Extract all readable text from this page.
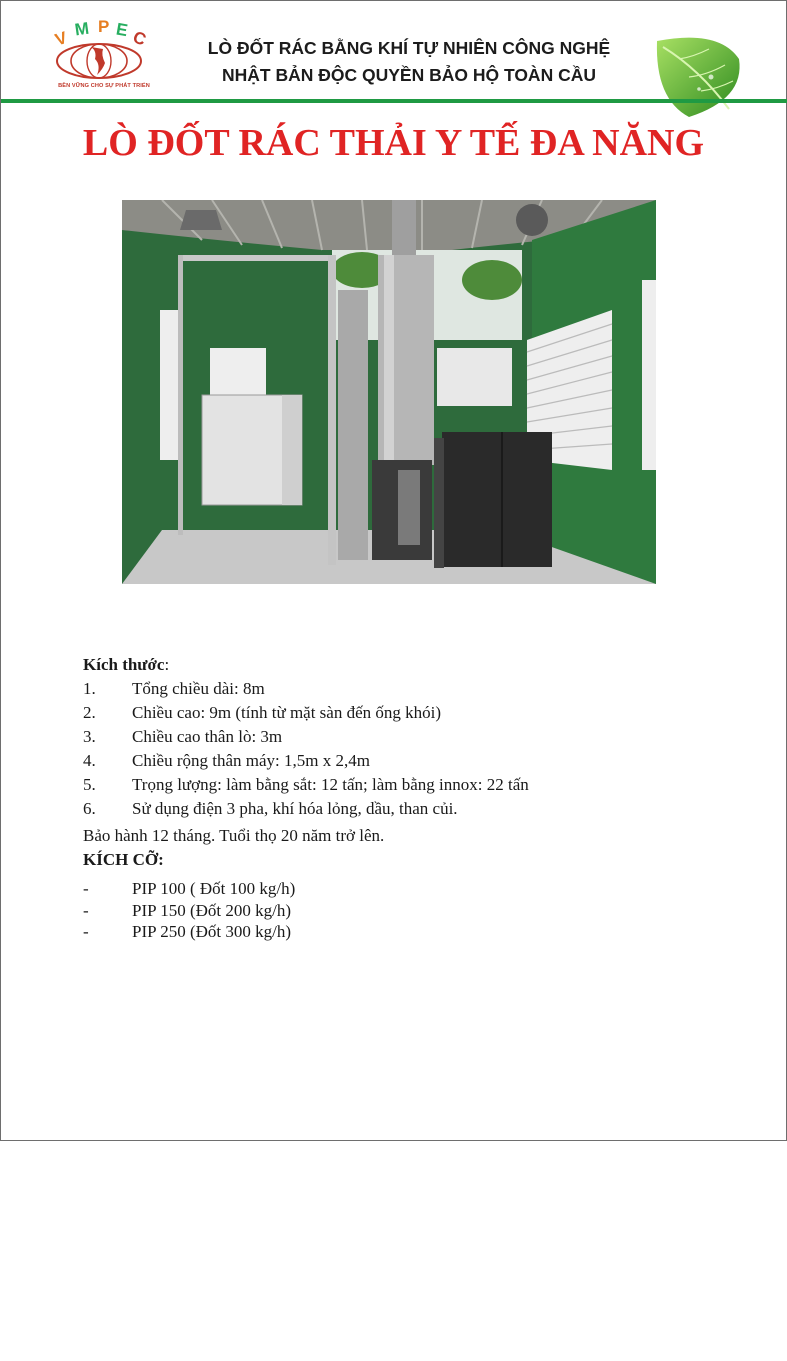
V M P E C
BỀN VỮNG CHO SỰ PHÁT TRIỂN
LÒ ĐỐT RÁC BẰNG KHÍ TỰ NHIÊN CÔNG NGHỆ
NHẬT BẢN ĐỘC QUYỀN BẢO HỘ TOÀN CẦU
LÒ ĐỐT RÁC THẢI Y TẾ ĐA NĂNG
Kích thước:
1.	Tổng chiều dài: 8m
2.	Chiều cao: 9m (tính từ mặt sàn đến ống khói)
3.	Chiều cao thân lò: 3m
4.	Chiều rộng thân máy: 1,5m x 2,4m
5.	Trọng lượng: làm bằng sắt: 12 tấn; làm bằng innox: 22 tấn
6.	Sử dụng điện 3 pha, khí hóa lỏng, dầu, than củi.
Bảo hành 12 tháng. Tuổi thọ 20 năm trở lên.
KÍCH CỠ:
-	PIP 100 ( Đốt 100 kg/h)
-	PIP 150 (Đốt 200 kg/h)
-	PIP 250 (Đốt 300 kg/h)
